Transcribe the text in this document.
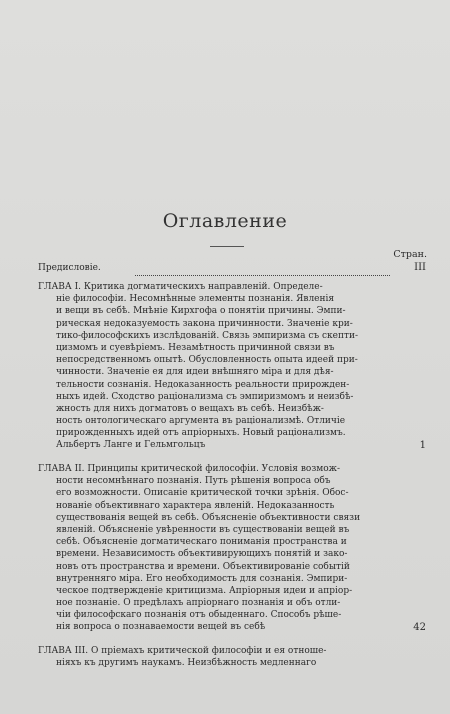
Оглавление
Стран.
Предисловіе.	III
ГЛАВА I. Критика догматическихъ направленій. Определе-
ніе философіи. Несомнѣнные элементы познанія. Явленія
и вещи въ себѣ. Мнѣніе Кирхгофа о понятіи причины. Эмпи-
рическая недоказуемость закона причинности. Значеніе кри-
тико-философскихъ изслѣдованій. Связь эмпиризма съ скепти-
цизмомъ и суевѣріемъ. Незамѣтность причинной связи въ
непосредственномъ опытѣ. Обусловленность опыта идеей при-
чинности. Значеніе ея для идеи внѣшняго міра и для дѣя-
тельности сознанія. Недоказанность реальности прирожден-
ныхъ идей. Сходство раціонализма съ эмпиризмомъ и неизбѣ-
жность для нихъ догматовъ о вещахъ въ себѣ. Неизбѣж-
ность онтологическаго аргумента въ раціонализмѣ. Отличіе
прирожденныхъ идей отъ апріорныхъ. Новый раціонализмъ.
Альбертъ Ланге и Гельмгольцъ	1
ГЛАВА II. Принципы критической философіи. Условія возмож-
ности несомнѣннаго познанія. Путь рѣшенія вопроса объ
его возможности. Описаніе критической точки зрѣнія. Обос-
нованіе объективнаго характера явленій. Недоказанность
существованія вещей въ себѣ. Объясненіе объективности связи
явленій. Объясненіе увѣренности въ существованіи вещей въ
себѣ. Объясненіе догматическаго пониманія пространства и
времени. Независимость объективирующихъ понятій и зако-
новъ отъ пространства и времени. Объективированіе событій
внутренняго міра. Его необходимость для сознанія. Эмпири-
ческое подтвержденіе критицизма. Апріорныя идеи и апріор-
ное познаніе. О предѣлахъ апріорнаго познанія и объ отли-
чіи философскаго познанія отъ обыденнаго. Способъ рѣше-
нія вопроса о познаваемости вещей въ себѣ	42
ГЛАВА III. О пріемахъ критической философіи и ея отноше-
ніяхъ къ другимъ наукамъ. Неизбѣжность медленнаго
